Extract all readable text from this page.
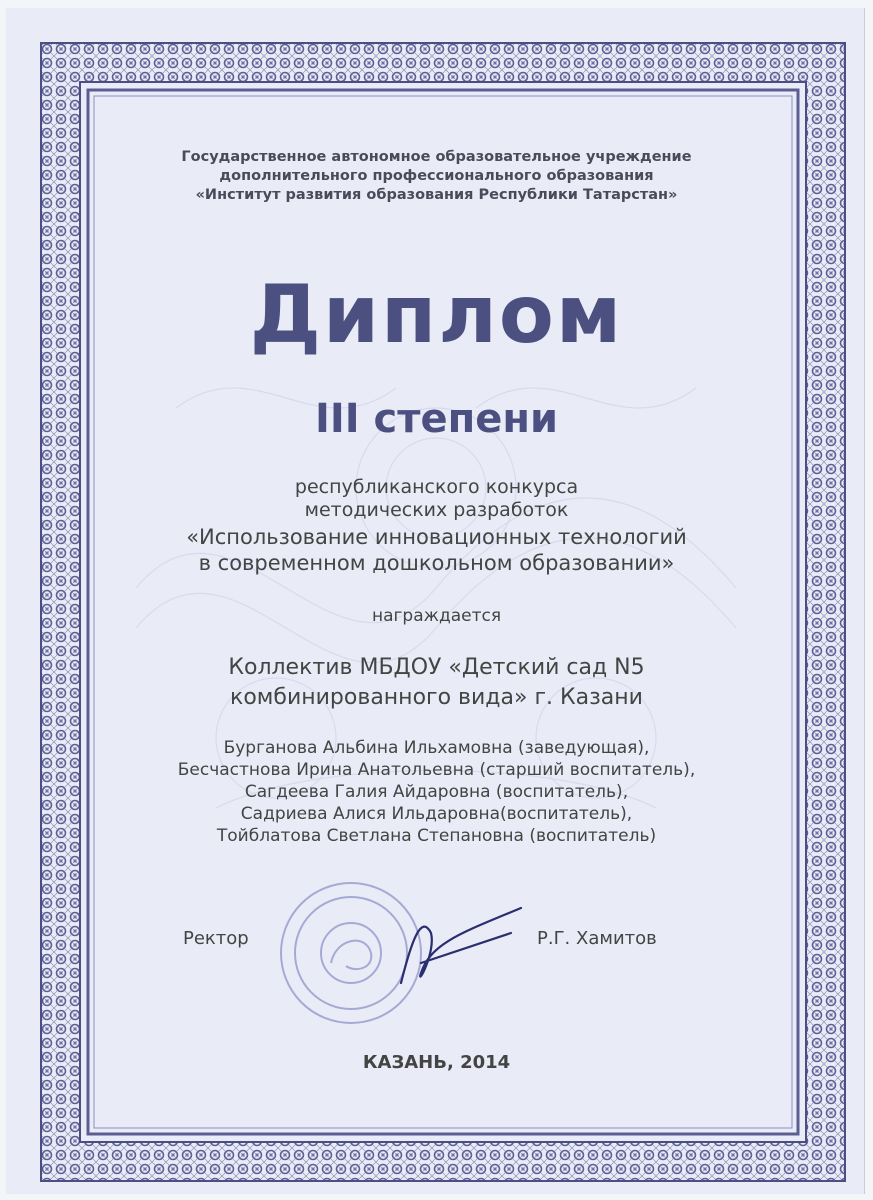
Государственное автономное образовательное учреждение

дополнительного профессионального образования

«Институт развития образования Республики Татарстан»

Диплом

III степени

республиканского конкурса

методических разработок

«Использование инновационных технологий

в современном дошкольном образовании»

награждается

Коллектив МБДОУ «Детский сад N5

комбинированного вида» г. Казани

Бурганова Альбина Ильхамовна (заведующая),

Бесчастнова Ирина Анатольевна (старший воспитатель),

Сагдеева Галия Айдаровна (воспитатель),

Садриева Алися Ильдаровна(воспитатель),

Тойблатова Светлана Степановна (воспитатель)

Ректор	Р.Г. Хамитов

КАЗАНЬ, 2014
